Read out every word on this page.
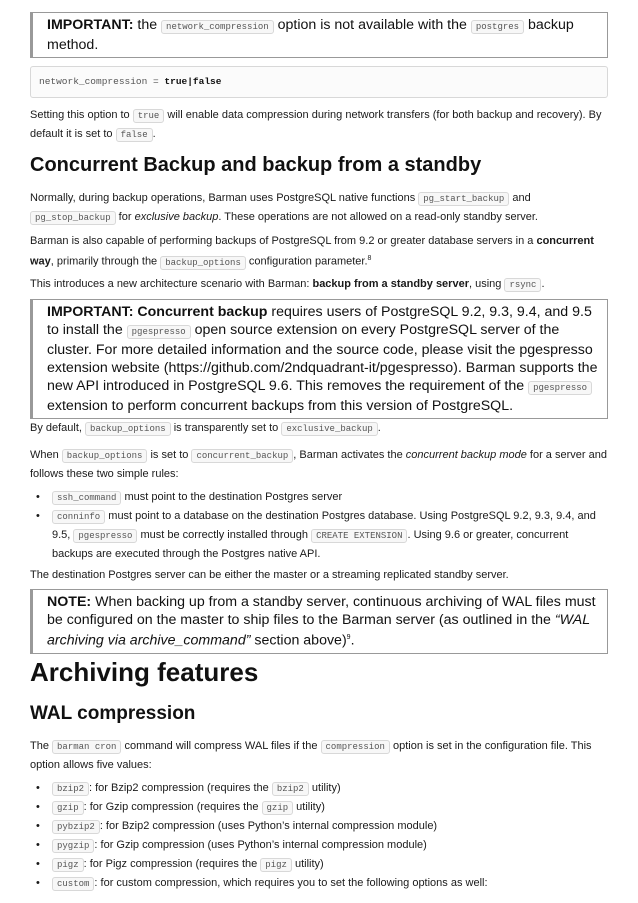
IMPORTANT: the network_compression option is not available with the postgres backup method.
network_compression = true|false

Setting this option to true will enable data compression during network transfers (for both backup and recovery). By default it is set to false .

Concurrent Backup and backup from a standby

Normally, during backup operations, Barman uses PostgreSQL native functions pg_start_backup and pg_stop_backup for exclusive backup. These operations are not allowed on a read-only standby server.

Barman is also capable of performing backups of PostgreSQL from 9.2 or greater database servers in a concurrent way, primarily through the backup_options configuration parameter.$^8$

This introduces a new architecture scenario with Barman: backup from a standby server, using rsync .

IMPORTANT: Concurrent backup requires users of PostgreSQL 9.2, 9.3, 9.4, and 9.5 to install the pgespresso open source extension on every PostgreSQL server of the cluster. For more detailed information and the source code, please visit the pgespresso extension website (https://github.com/2ndquadrant-it/pgespresso). Barman supports the new API introduced in PostgreSQL 9.6. This removes the requirement of the pgespresso extension to perform concurrent backups from this version of PostgreSQL.

By default, backup_options is transparently set to exclusive_backup .

When backup_options is set to concurrent_backup , Barman activates the concurrent backup mode for a server and follows these two simple rules:

• ssh_command must point to the destination Postgres server
• conninfo must point to a database on the destination Postgres database. Using PostgreSQL 9.2, 9.3, 9.4, and 9.5, pgespresso must be correctly installed through CREATE EXTENSION . Using 9.6 or greater, concurrent backups are executed through the Postgres native API.

The destination Postgres server can be either the master or a streaming replicated standby server.

NOTE: When backing up from a standby server, continuous archiving of WAL files must be configured on the master to ship files to the Barman server (as outlined in the “WAL archiving via archive_command” section above)$^9$.
Archiving features
WAL compression

The barman cron command will compress WAL files if the compression option is set in the configuration file. This option allows five values:

• bzip2 : for Bzip2 compression (requires the bzip2 utility)
• gzip : for Gzip compression (requires the gzip utility)
• pybzip2 : for Bzip2 compression (uses Python’s internal compression module)
• pygzip : for Gzip compression (uses Python’s internal compression module)
• pigz : for Pigz compression (requires the pigz utility)
• custom : for custom compression, which requires you to set the following options as well:
